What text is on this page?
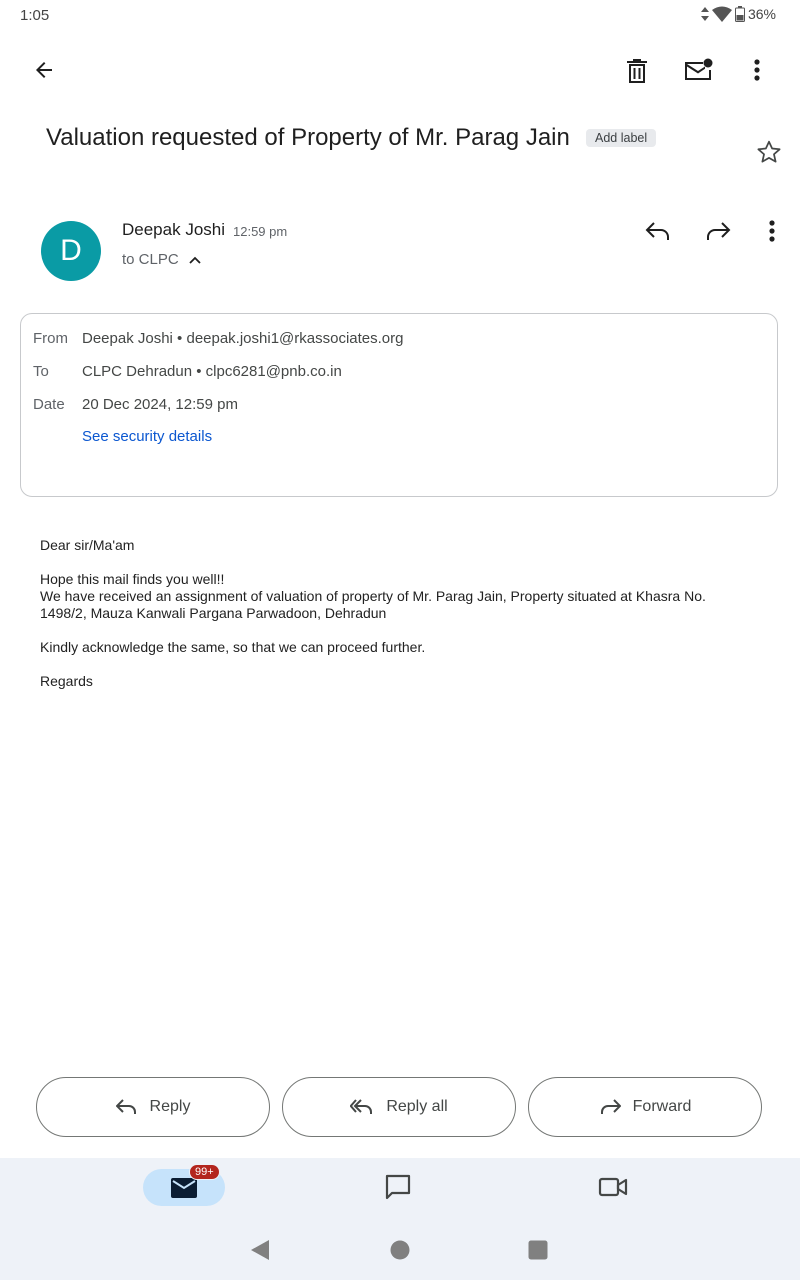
1:05	36%
Valuation requested of Property of Mr. Parag Jain	Add label
D
Deepak Joshi 12:59 pm
to CLPC
From Deepak Joshi • deepak.joshi1@rkassociates.org
To CLPC Dehradun • clpc6281@pnb.co.in
Date 20 Dec 2024, 12:59 pm
See security details
Dear sir/Ma'am
Hope this mail finds you well!!
We have received an assignment of valuation of property of Mr. Parag Jain, Property situated at Khasra No. 1498/2, Mauza Kanwali Pargana Parwadoon, Dehradun
Kindly acknowledge the same, so that we can proceed further.
Regards
Reply	Reply all	Forward
99+
